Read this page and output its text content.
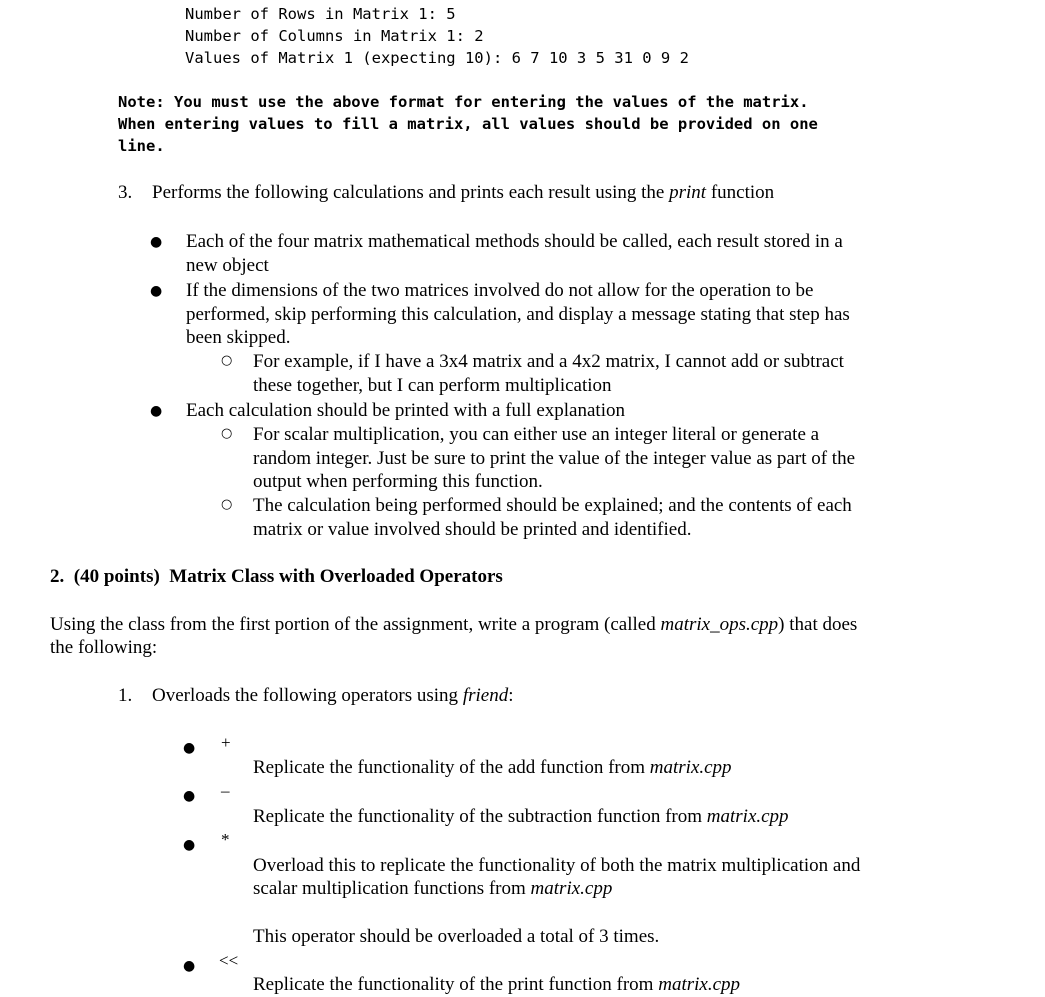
Number of Rows in Matrix 1: 5
Number of Columns in Matrix 1: 2
Values of Matrix 1 (expecting 10): 6 7 10 3 5 31 0 9 2
Note: You must use the above format for entering the values of the matrix.
When entering values to fill a matrix, all values should be provided on one
line.
3. Performs the following calculations and prints each result using the print function
● Each of the four matrix mathematical methods should be called, each result stored in a
new object
● If the dimensions of the two matrices involved do not allow for the operation to be
performed, skip performing this calculation, and display a message stating that step has
been skipped.
○ For example, if I have a 3x4 matrix and a 4x2 matrix, I cannot add or subtract
these together, but I can perform multiplication
● Each calculation should be printed with a full explanation
○ For scalar multiplication, you can either use an integer literal or generate a
random integer. Just be sure to print the value of the integer value as part of the
output when performing this function.
○ The calculation being performed should be explained; and the contents of each
matrix or value involved should be printed and identified.
2.  (40 points)  Matrix Class with Overloaded Operators
Using the class from the first portion of the assignment, write a program (called matrix_ops.cpp) that does
the following:
1. Overloads the following operators using friend:
● +
Replicate the functionality of the add function from matrix.cpp
● –
Replicate the functionality of the subtraction function from matrix.cpp
● *
Overload this to replicate the functionality of both the matrix multiplication and
scalar multiplication functions from matrix.cpp
This operator should be overloaded a total of 3 times.
● <<
Replicate the functionality of the print function from matrix.cpp
